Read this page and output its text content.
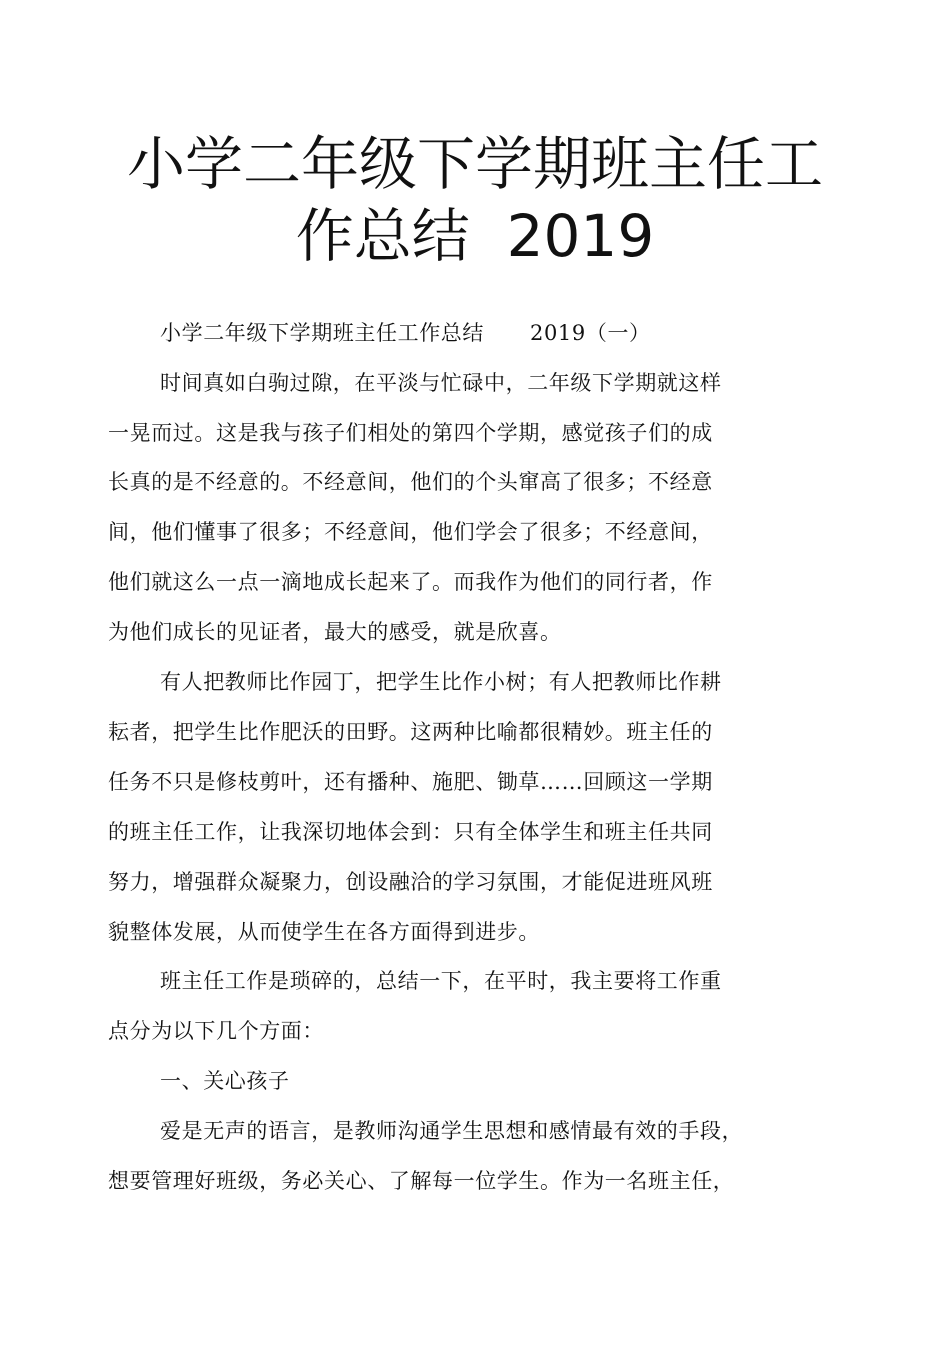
小学二年级下学期班主任工
作总结  2019
小学二年级下学期班主任工作总结 2019（一）
时间真如白驹过隙，在平淡与忙碌中，二年级下学期就这样
一晃而过。这是我与孩子们相处的第四个学期，感觉孩子们的成
长真的是不经意的。不经意间，他们的个头窜高了很多；不经意
间，他们懂事了很多；不经意间，他们学会了很多；不经意间，
他们就这么一点一滴地成长起来了。而我作为他们的同行者，作
为他们成长的见证者，最大的感受，就是欣喜。
有人把教师比作园丁，把学生比作小树；有人把教师比作耕
耘者，把学生比作肥沃的田野。这两种比喻都很精妙。班主任的
任务不只是修枝剪叶，还有播种、施肥、锄草……回顾这一学期
的班主任工作，让我深切地体会到：只有全体学生和班主任共同
努力，增强群众凝聚力，创设融洽的学习氛围，才能促进班风班
貌整体发展，从而使学生在各方面得到进步。
班主任工作是琐碎的，总结一下，在平时，我主要将工作重
点分为以下几个方面：
一、关心孩子
爱是无声的语言，是教师沟通学生思想和感情最有效的手段，
想要管理好班级，务必关心、了解每一位学生。作为一名班主任，
